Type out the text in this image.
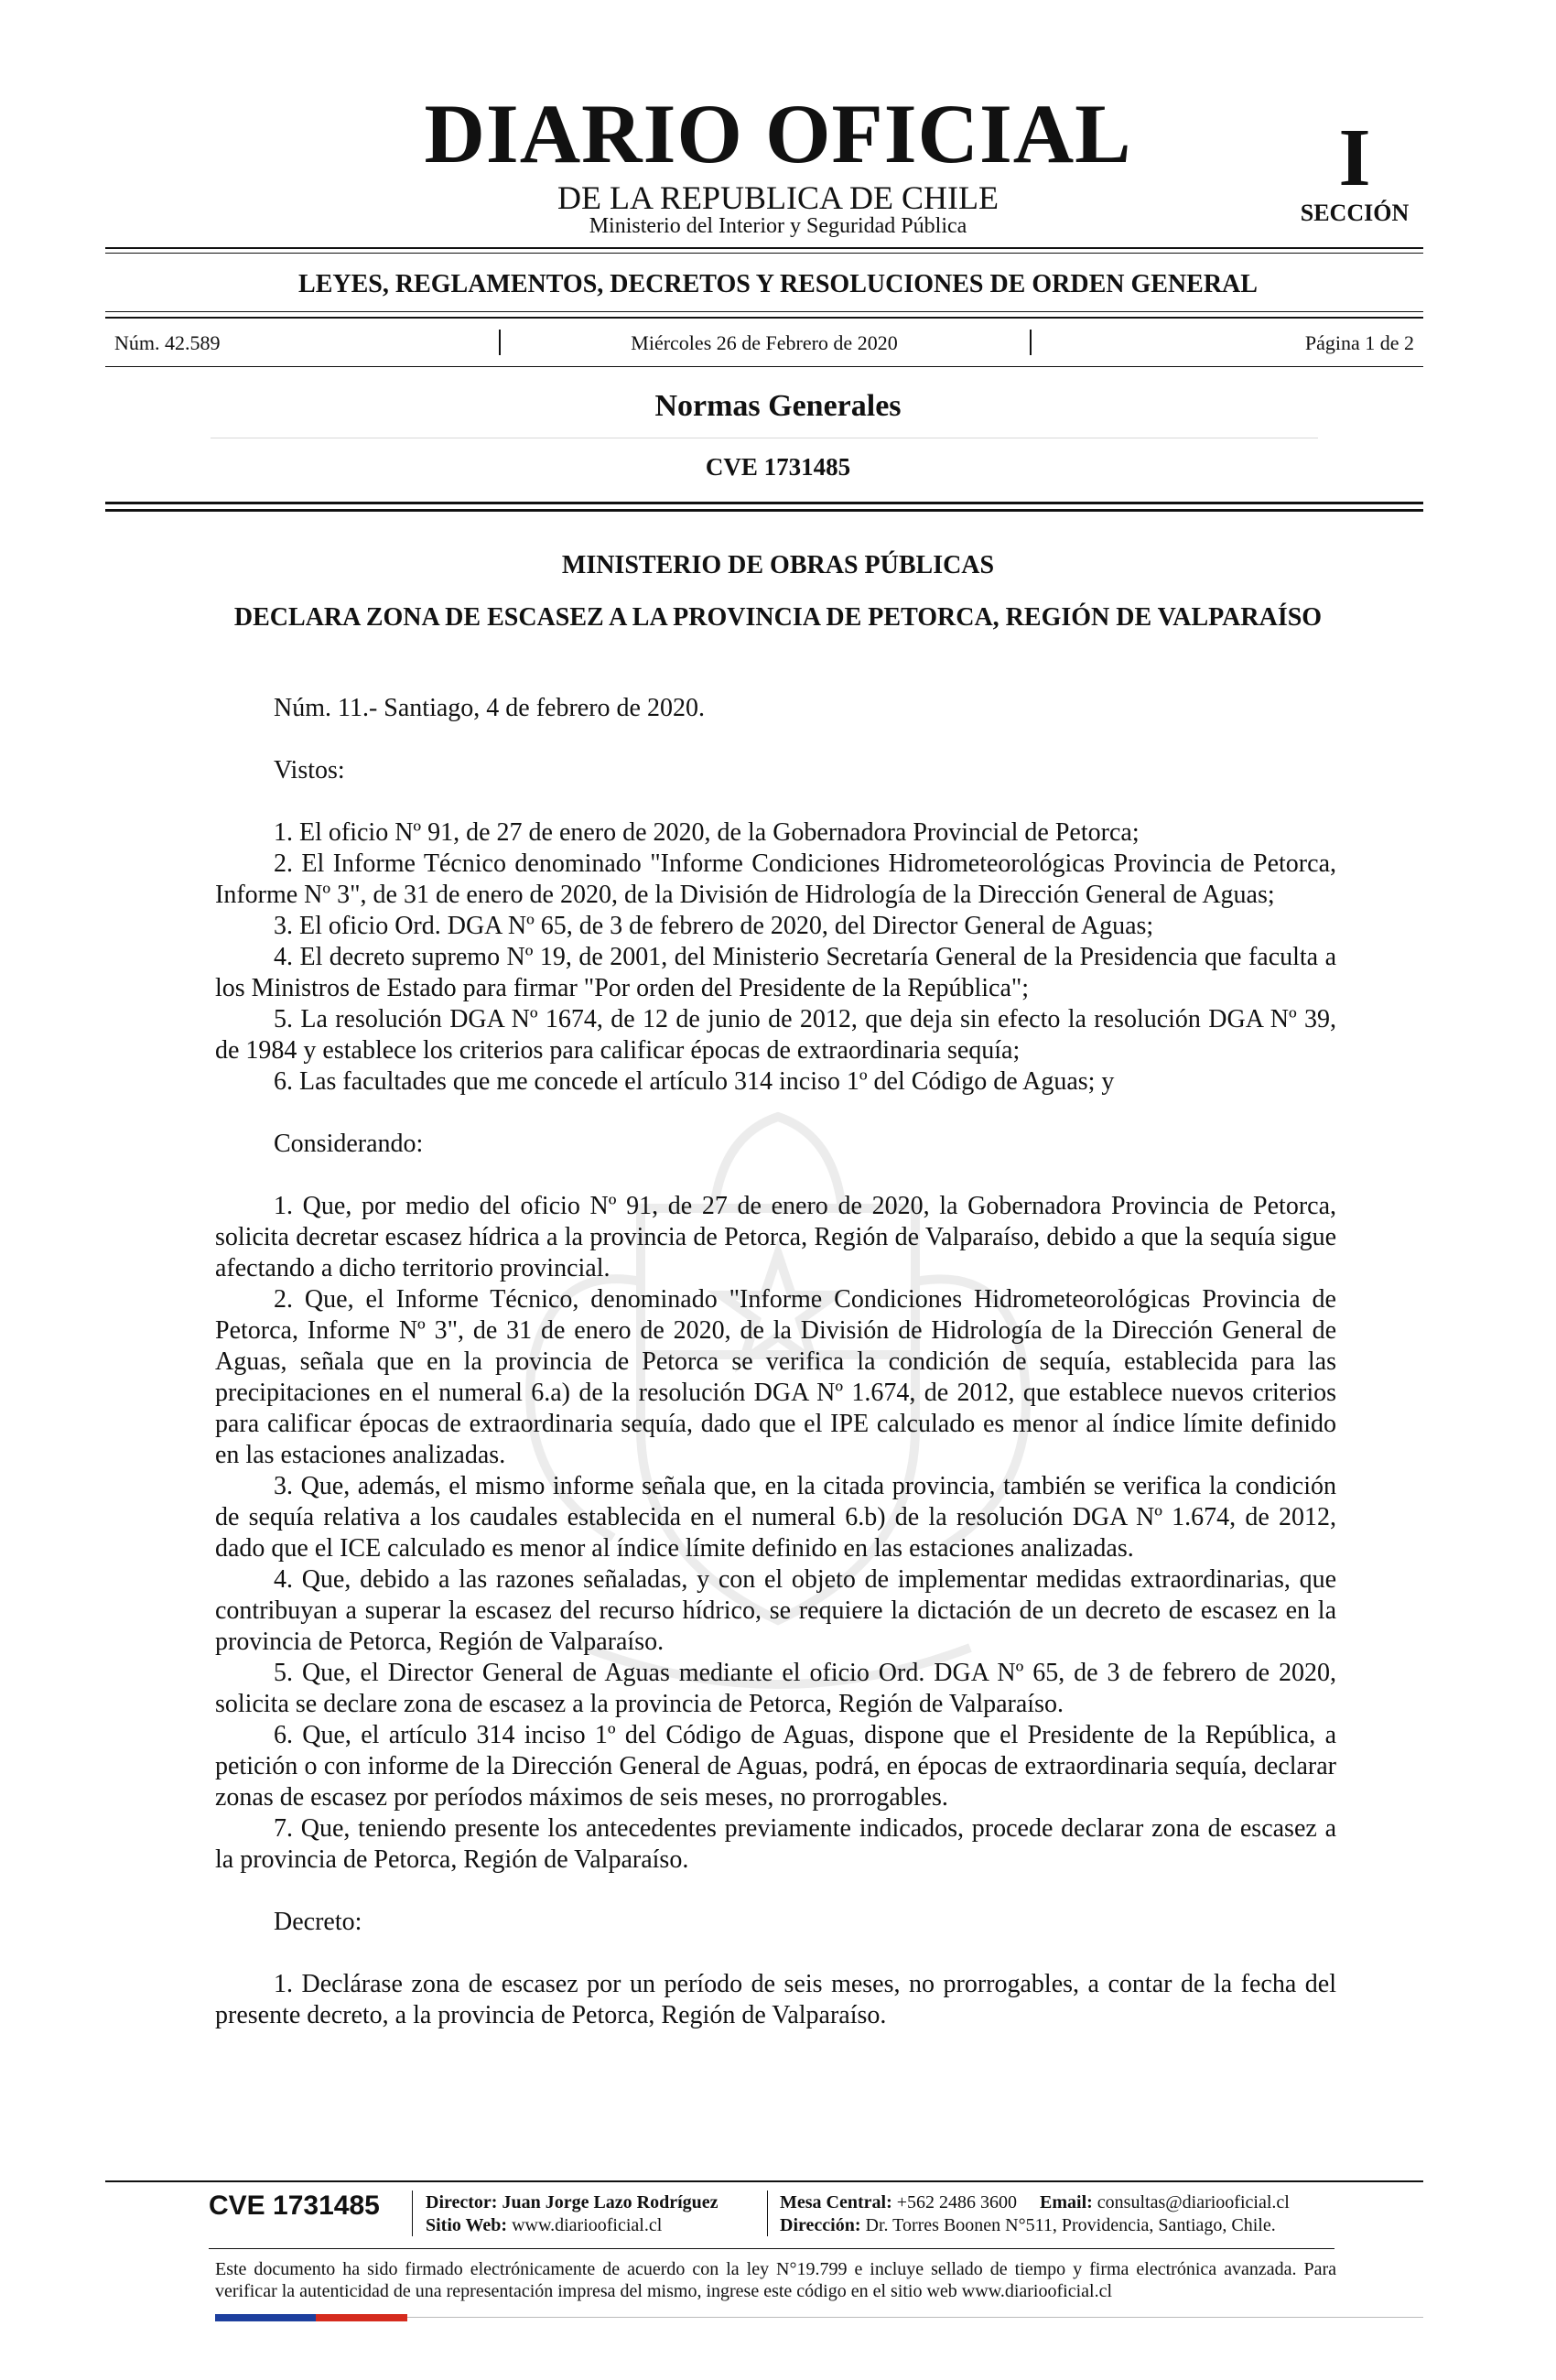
DIARIO OFICIAL
DE LA REPUBLICA DE CHILE
Ministerio del Interior y Seguridad Pública
I
SECCIÓN
LEYES, REGLAMENTOS, DECRETOS Y RESOLUCIONES DE ORDEN GENERAL
Núm. 42.589	Miércoles 26 de Febrero de 2020	Página 1 de 2
Normas Generales
CVE 1731485
MINISTERIO DE OBRAS PÚBLICAS
DECLARA ZONA DE ESCASEZ A LA PROVINCIA DE PETORCA, REGIÓN DE VALPARAÍSO

Núm. 11.- Santiago, 4 de febrero de 2020.

Vistos:

1. El oficio Nº 91, de 27 de enero de 2020, de la Gobernadora Provincial de Petorca;

2. El Informe Técnico denominado "Informe Condiciones Hidrometeorológicas Provincia de Petorca, Informe Nº 3", de 31 de enero de 2020, de la División de Hidrología de la Dirección General de Aguas;

3. El oficio Ord. DGA Nº 65, de 3 de febrero de 2020, del Director General de Aguas;

4. El decreto supremo Nº 19, de 2001, del Ministerio Secretaría General de la Presidencia que faculta a los Ministros de Estado para firmar "Por orden del Presidente de la República";

5. La resolución DGA Nº 1674, de 12 de junio de 2012, que deja sin efecto la resolución DGA Nº 39, de 1984 y establece los criterios para calificar épocas de extraordinaria sequía;

6. Las facultades que me concede el artículo 314 inciso 1º del Código de Aguas; y

Considerando:

1. Que, por medio del oficio Nº 91, de 27 de enero de 2020, la Gobernadora Provincia de Petorca, solicita decretar escasez hídrica a la provincia de Petorca, Región de Valparaíso, debido a que la sequía sigue afectando a dicho territorio provincial.

2. Que, el Informe Técnico, denominado "Informe Condiciones Hidrometeorológicas Provincia de Petorca, Informe Nº 3", de 31 de enero de 2020, de la División de Hidrología de la Dirección General de Aguas, señala que en la provincia de Petorca se verifica la condición de sequía, establecida para las precipitaciones en el numeral 6.a) de la resolución DGA Nº 1.674, de 2012, que establece nuevos criterios para calificar épocas de extraordinaria sequía, dado que el IPE calculado es menor al índice límite definido en las estaciones analizadas.

3. Que, además, el mismo informe señala que, en la citada provincia, también se verifica la condición de sequía relativa a los caudales establecida en el numeral 6.b) de la resolución DGA Nº 1.674, de 2012, dado que el ICE calculado es menor al índice límite definido en las estaciones analizadas.

4. Que, debido a las razones señaladas, y con el objeto de implementar medidas extraordinarias, que contribuyan a superar la escasez del recurso hídrico, se requiere la dictación de un decreto de escasez en la provincia de Petorca, Región de Valparaíso.

5. Que, el Director General de Aguas mediante el oficio Ord. DGA Nº 65, de 3 de febrero de 2020, solicita se declare zona de escasez a la provincia de Petorca, Región de Valparaíso.

6. Que, el artículo 314 inciso 1º del Código de Aguas, dispone que el Presidente de la República, a petición o con informe de la Dirección General de Aguas, podrá, en épocas de extraordinaria sequía, declarar zonas de escasez por períodos máximos de seis meses, no prorrogables.

7. Que, teniendo presente los antecedentes previamente indicados, procede declarar zona de escasez a la provincia de Petorca, Región de Valparaíso.

Decreto:

1. Declárase zona de escasez por un período de seis meses, no prorrogables, a contar de la fecha del presente decreto, a la provincia de Petorca, Región de Valparaíso.

CVE 1731485	Director: Juan Jorge Lazo Rodríguez
Sitio Web: www.diariooficial.cl
Mesa Central: +562 2486 3600 Email: consultas@diariooficial.cl
Dirección: Dr. Torres Boonen N°511, Providencia, Santiago, Chile.
Este documento ha sido firmado electrónicamente de acuerdo con la ley N°19.799 e incluye sellado de tiempo y firma electrónica avanzada. Para verificar la autenticidad de una representación impresa del mismo, ingrese este código en el sitio web www.diariooficial.cl
